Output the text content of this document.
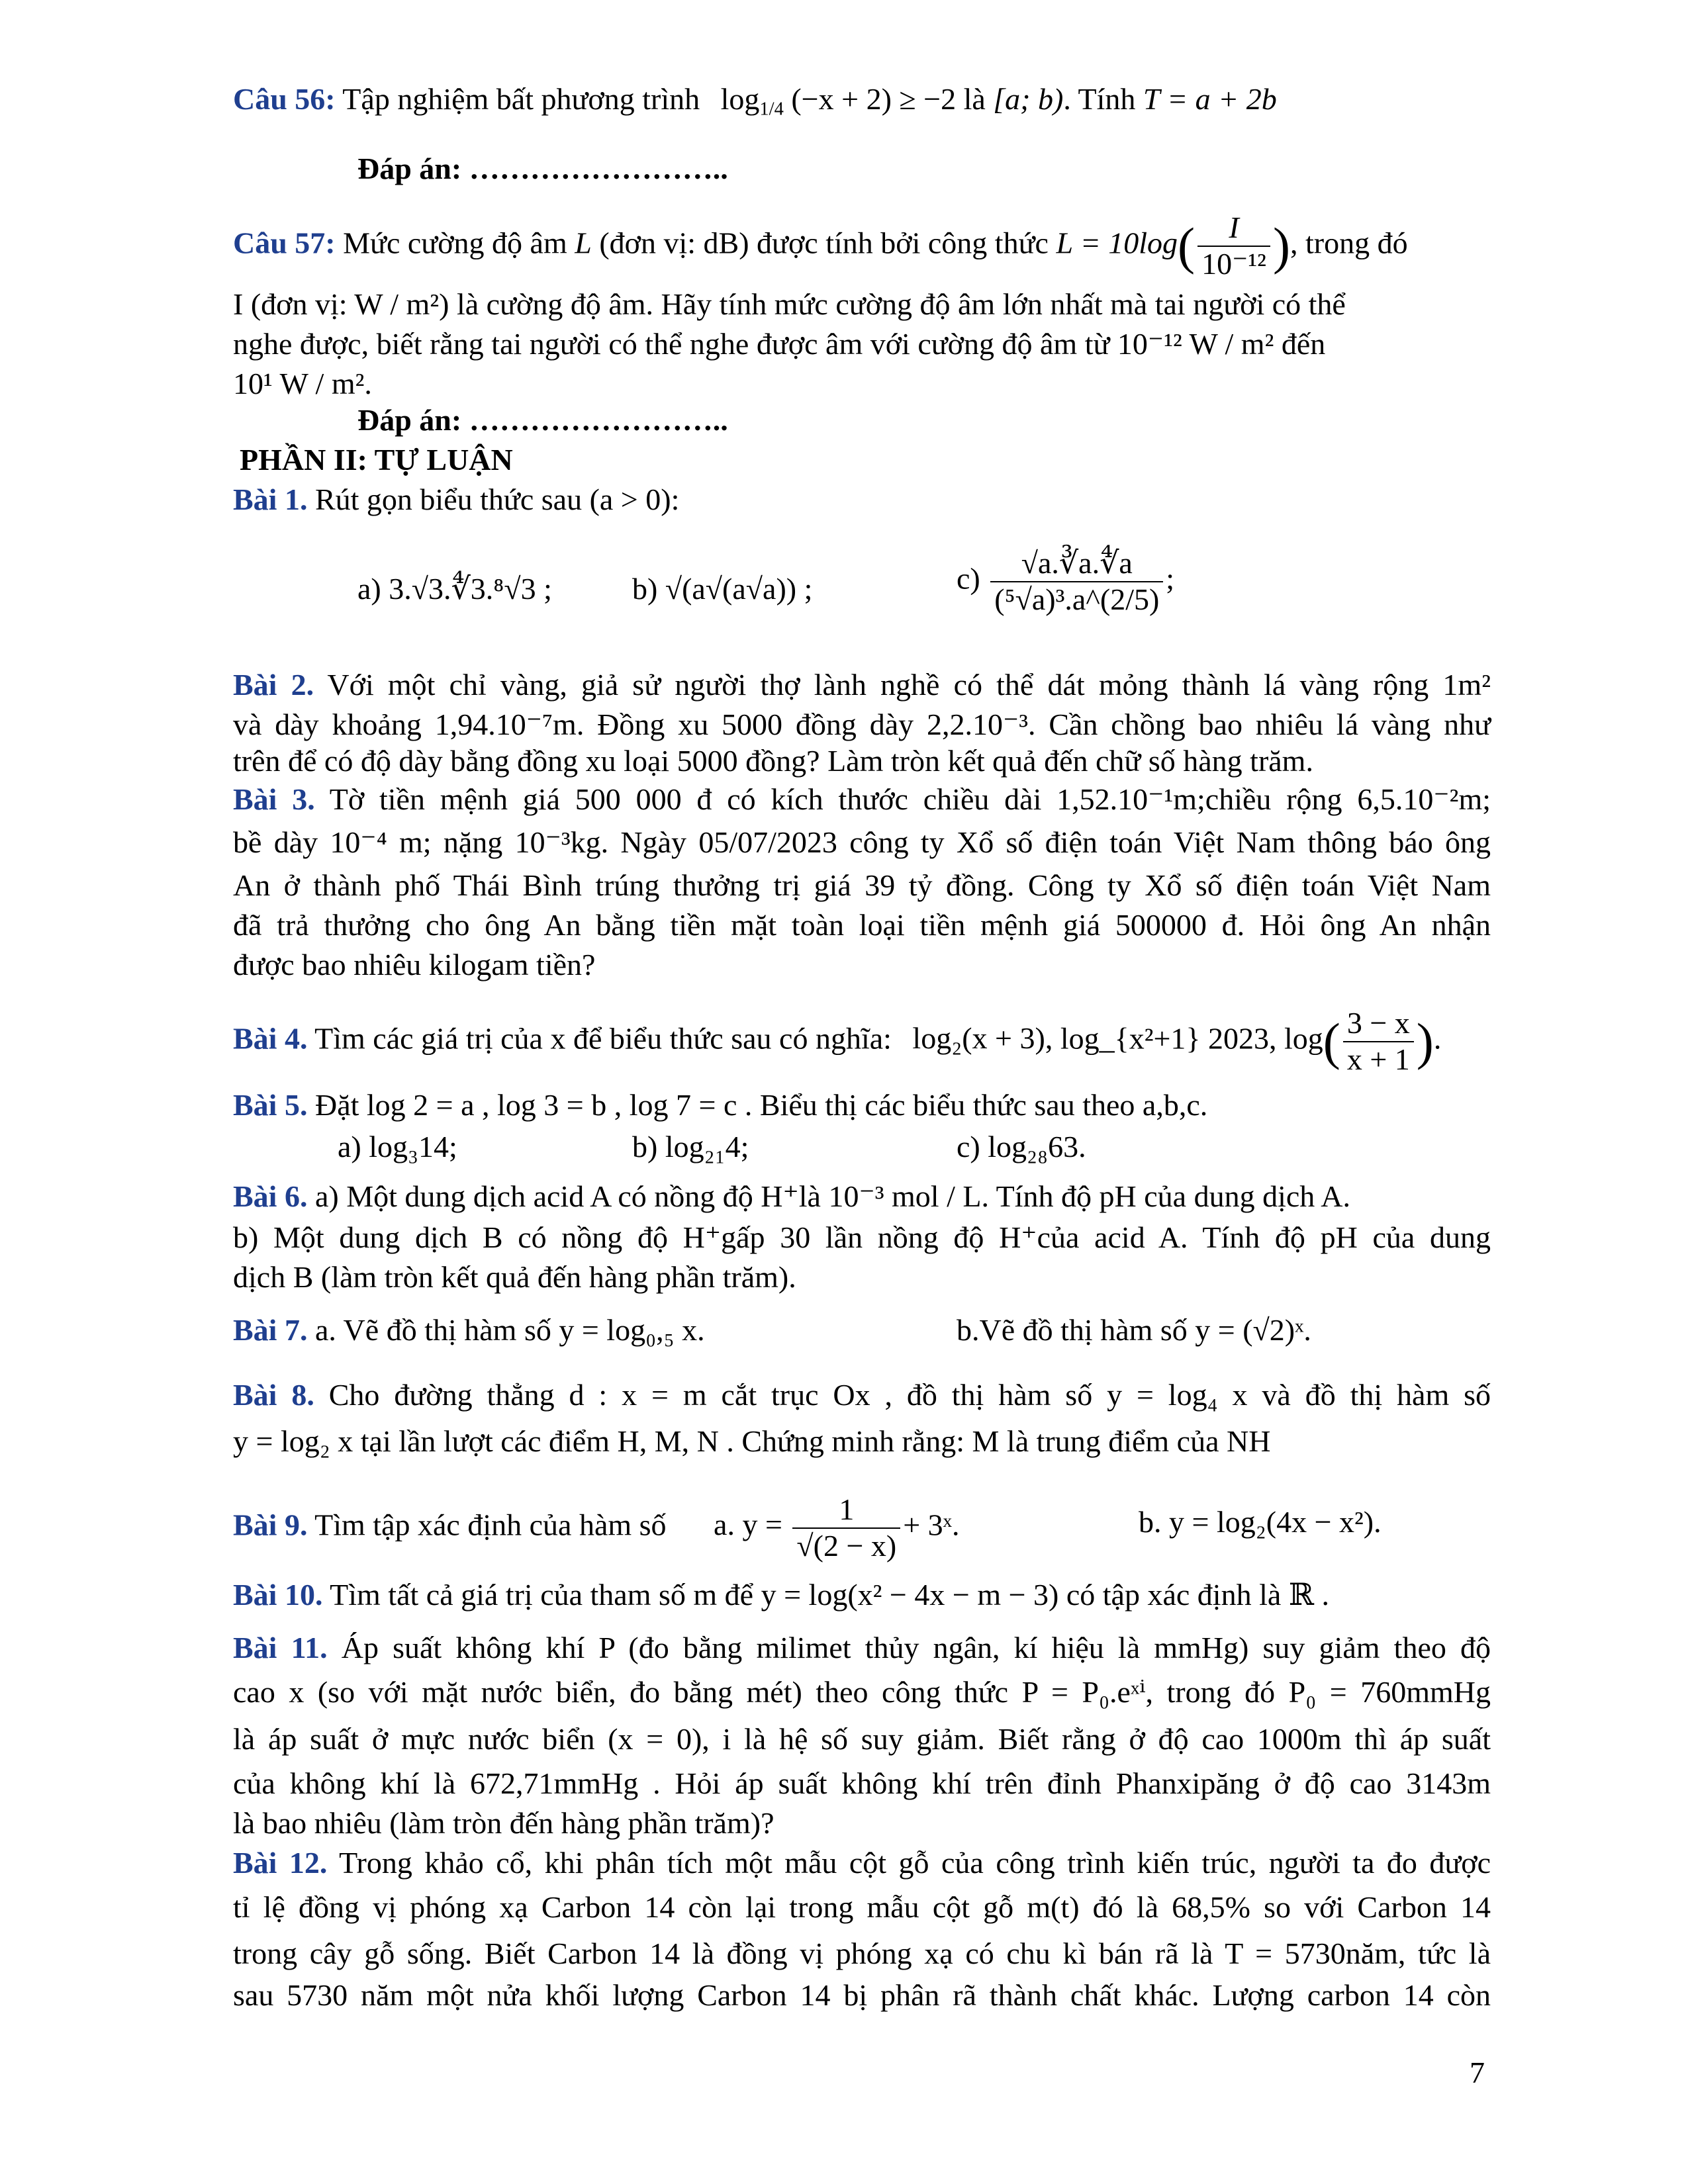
Câu 56: Tập nghiệm bất phương trình $\log_{1/4} (-x + 2) \ge -2$ là [a; b). Tính T = a + 2b
Đáp án: ……………………..
Câu 57: Mức cường độ âm L (đơn vị: dB) được tính bởi công thức $L = 10\log( \frac{I}{\text{10⁻¹²}}$ ), trong đó
I (đơn vị: W / m²) là cường độ âm. Hãy tính mức cường độ âm lớn nhất mà tai người có thể
nghe được, biết rằng tai người có thể nghe được âm với cường độ âm từ 10⁻¹² W / m² đến
10¹ W / m².
Đáp án: ……………………..
PHẦN II: TỰ LUẬN
Bài 1. Rút gọn biểu thức sau (a > 0):
a) 3.√3.∜3.⁸√3 ;	b) √(a√(a√a)) ;	$c) \frac{√a.∛a.∜a}{\text{(⁵√a)³.a\textasciicircum{}(2/5)}}$ ;
Bài 2. Với một chỉ vàng, giả sử người thợ lành nghề có thể dát mỏng thành lá vàng rộng 1m²
và dày khoảng 1,94.10⁻⁷m. Đồng xu 5000 đồng dày 2,2.10⁻³. Cần chồng bao nhiêu lá vàng như
trên để có độ dày bằng đồng xu loại 5000 đồng? Làm tròn kết quả đến chữ số hàng trăm.
Bài 3. Tờ tiền mệnh giá 500 000 đ có kích thước chiều dài 1,52.10⁻¹m;chiều rộng 6,5.10⁻²m;
bề dày 10⁻⁴ m; nặng 10⁻³kg. Ngày 05/07/2023 công ty Xổ số điện toán Việt Nam thông báo ông
An ở thành phố Thái Bình trúng thưởng trị giá 39 tỷ đồng. Công ty Xổ số điện toán Việt Nam
đã trả thưởng cho ông An bằng tiền mặt toàn loại tiền mệnh giá 500000 đ. Hỏi ông An nhận
được bao nhiêu kilogam tiền?
Bài 4. Tìm các giá trị của x để biểu thức sau có nghĩa: log₂(x + 3), log_{x²+1} 2023, $\log( \frac{3 - x}{x + 1}$ ).
Bài 5. Đặt log 2 = a , log 3 = b , log 7 = c . Biểu thị các biểu thức sau theo a,b,c.
a) log₃14;	b) log₂₁4;	c) log₂₈63.
Bài 6. a) Một dung dịch acid A có nồng độ H⁺là 10⁻³ mol / L. Tính độ pH của dung dịch A.
b) Một dung dịch B có nồng độ H⁺gấp 30 lần nồng độ H⁺của acid A. Tính độ pH của dung
dịch B (làm tròn kết quả đến hàng phần trăm).
Bài 7. a. Vẽ đồ thị hàm số y = log₀,₅ x.	b.Vẽ đồ thị hàm số y = (√2)ˣ.
Bài 8. Cho đường thẳng d : x = m cắt trục Ox , đồ thị hàm số y = log₄ x và đồ thị hàm số
y = log₂ x tại lần lượt các điểm H, M, N . Chứng minh rằng: M là trung điểm của NH
Bài 9. Tìm tập xác định của hàm số a. $y = \frac{1}{√(2 - x)}$ + 3ˣ.	b. y = log₂(4x − x²).
Bài 10. Tìm tất cả giá trị của tham số m để y = log(x² − 4x − m − 3) có tập xác định là ℝ .
Bài 11. Áp suất không khí P (đo bằng milimet thủy ngân, kí hiệu là mmHg) suy giảm theo độ
cao x (so với mặt nước biển, đo bằng mét) theo công thức P = P₀.eˣⁱ, trong đó P₀ = 760mmHg
là áp suất ở mực nước biển (x = 0), i là hệ số suy giảm. Biết rằng ở độ cao 1000m thì áp suất
của không khí là 672,71mmHg . Hỏi áp suất không khí trên đỉnh Phanxipăng ở độ cao 3143m
là bao nhiêu (làm tròn đến hàng phần trăm)?
Bài 12. Trong khảo cổ, khi phân tích một mẫu cột gỗ của công trình kiến trúc, người ta đo được
tỉ lệ đồng vị phóng xạ Carbon 14 còn lại trong mẫu cột gỗ m(t) đó là 68,5% so với Carbon 14
trong cây gỗ sống. Biết Carbon 14 là đồng vị phóng xạ có chu kì bán rã là T = 5730năm, tức là
sau 5730 năm một nửa khối lượng Carbon 14 bị phân rã thành chất khác. Lượng carbon 14 còn
7
